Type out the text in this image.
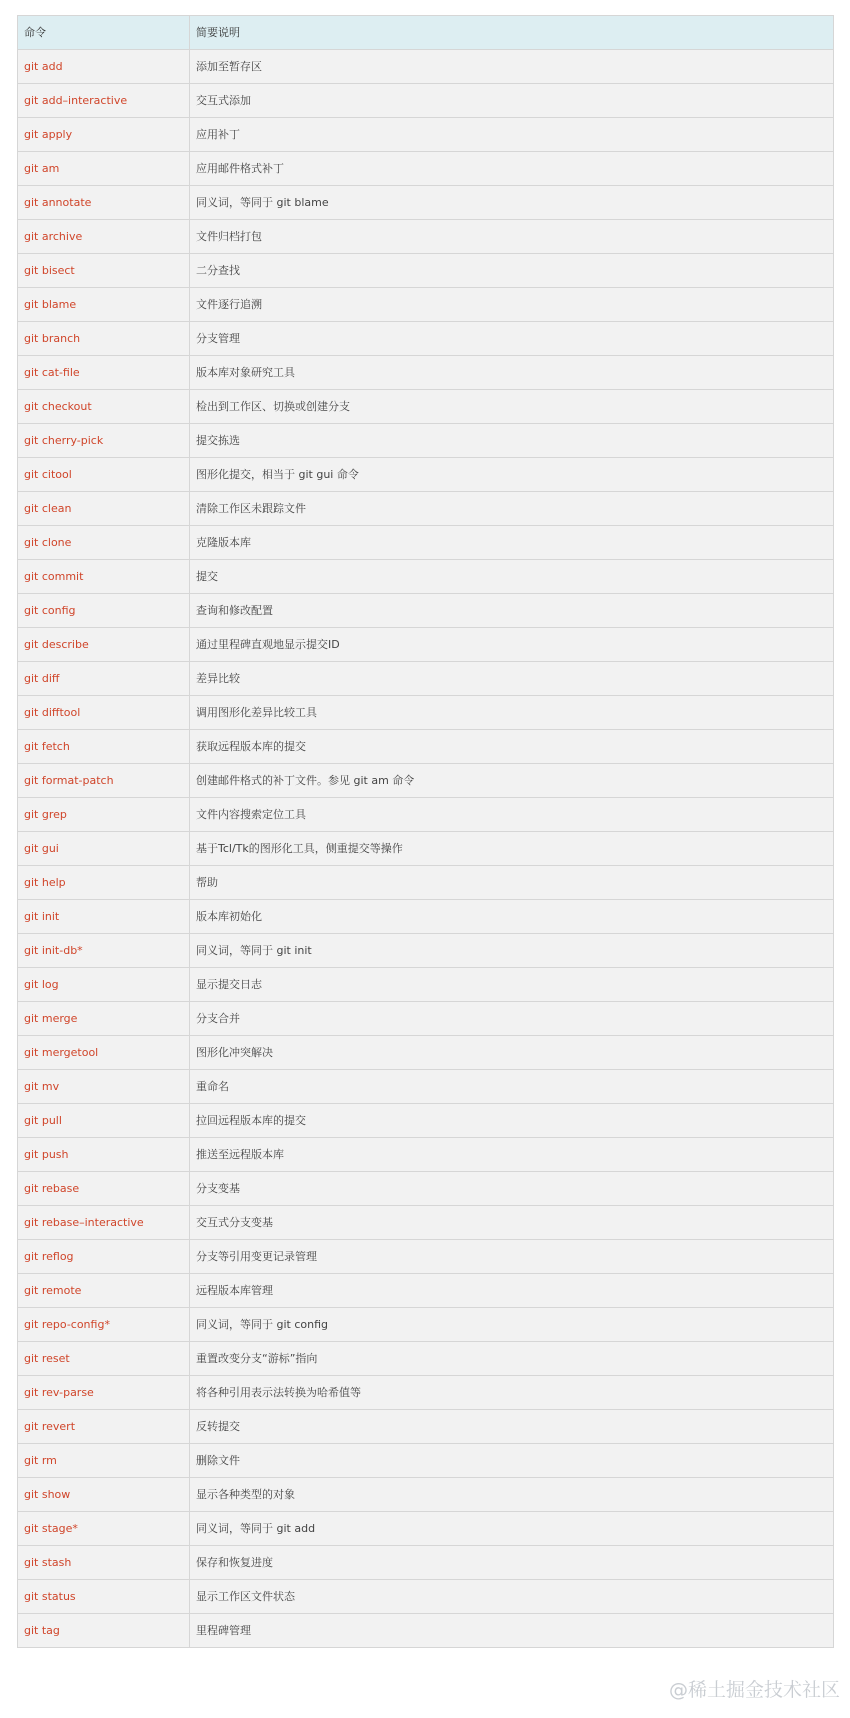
命令	简要说明
git add	添加至暂存区
git add–interactive	交互式添加
git apply	应用补丁
git am	应用邮件格式补丁
git annotate	同义词，等同于 git blame
git archive	文件归档打包
git bisect	二分查找
git blame	文件逐行追溯
git branch	分支管理
git cat-file	版本库对象研究工具
git checkout	检出到工作区、切换或创建分支
git cherry-pick	提交拣选
git citool	图形化提交，相当于 git gui 命令
git clean	清除工作区未跟踪文件
git clone	克隆版本库
git commit	提交
git config	查询和修改配置
git describe	通过里程碑直观地显示提交ID
git diff	差异比较
git difftool	调用图形化差异比较工具
git fetch	获取远程版本库的提交
git format-patch	创建邮件格式的补丁文件。参见 git am 命令
git grep	文件内容搜索定位工具
git gui	基于Tcl/Tk的图形化工具，侧重提交等操作
git help	帮助
git init	版本库初始化
git init-db*	同义词，等同于 git init
git log	显示提交日志
git merge	分支合并
git mergetool	图形化冲突解决
git mv	重命名
git pull	拉回远程版本库的提交
git push	推送至远程版本库
git rebase	分支变基
git rebase–interactive	交互式分支变基
git reflog	分支等引用变更记录管理
git remote	远程版本库管理
git repo-config*	同义词，等同于 git config
git reset	重置改变分支“游标”指向
git rev-parse	将各种引用表示法转换为哈希值等
git revert	反转提交
git rm	删除文件
git show	显示各种类型的对象
git stage*	同义词，等同于 git add
git stash	保存和恢复进度
git status	显示工作区文件状态
git tag	里程碑管理
@稀土掘金技术社区
